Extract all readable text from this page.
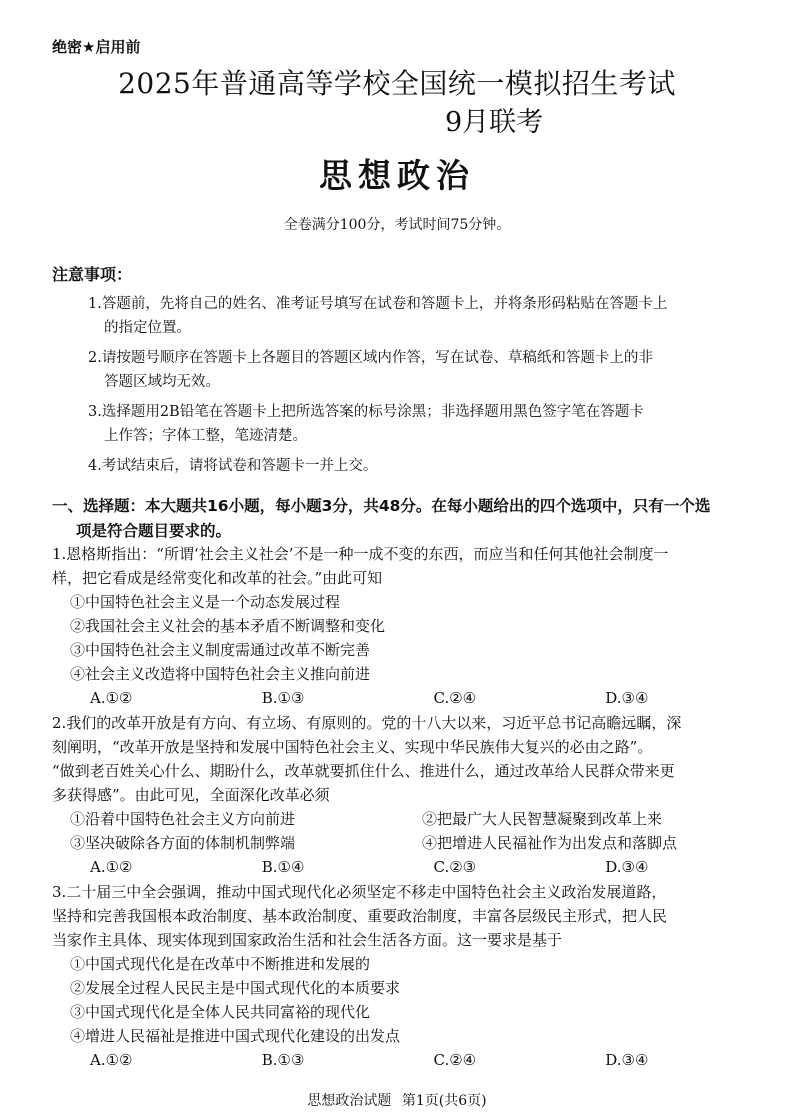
绝密★启用前
2025年普通高等学校全国统一模拟招生考试
9月联考
思想政治
全卷满分100分，考试时间75分钟。
注意事项：
1.答题前，先将自己的姓名、准考证号填写在试卷和答题卡上，并将条形码粘贴在答题卡上
的指定位置。
2.请按题号顺序在答题卡上各题目的答题区域内作答，写在试卷、草稿纸和答题卡上的非
答题区域均无效。
3.选择题用2B铅笔在答题卡上把所选答案的标号涂黑；非选择题用黑色签字笔在答题卡
上作答；字体工整，笔迹清楚。
4.考试结束后，请将试卷和答题卡一并上交。
一、选择题：本大题共16小题，每小题3分，共48分。在每小题给出的四个选项中，只有一个选
项是符合题目要求的。
1.恩格斯指出：“所谓‘社会主义社会’不是一种一成不变的东西，而应当和任何其他社会制度一
样，把它看成是经常变化和改革的社会。”由此可知
①中国特色社会主义是一个动态发展过程
②我国社会主义社会的基本矛盾不断调整和变化
③中国特色社会主义制度需通过改革不断完善
④社会主义改造将中国特色社会主义推向前进
A.①②	B.①③	C.②④	D.③④
2.我们的改革开放是有方向、有立场、有原则的。党的十八大以来，习近平总书记高瞻远瞩，深
刻阐明，“改革开放是坚持和发展中国特色社会主义、实现中华民族伟大复兴的必由之路”。
“做到老百姓关心什么、期盼什么，改革就要抓住什么、推进什么，通过改革给人民群众带来更
多获得感”。由此可见，全面深化改革必须
①沿着中国特色社会主义方向前进	②把最广大人民智慧凝聚到改革上来
③坚决破除各方面的体制机制弊端	④把增进人民福祉作为出发点和落脚点
A.①②	B.①④	C.②③	D.③④
3.二十届三中全会强调，推动中国式现代化必须坚定不移走中国特色社会主义政治发展道路，
坚持和完善我国根本政治制度、基本政治制度、重要政治制度，丰富各层级民主形式，把人民
当家作主具体、现实体现到国家政治生活和社会生活各方面。这一要求是基于
①中国式现代化是在改革中不断推进和发展的
②发展全过程人民民主是中国式现代化的本质要求
③中国式现代化是全体人民共同富裕的现代化
④增进人民福祉是推进中国式现代化建设的出发点
A.①②	B.①③	C.②④	D.③④
思想政治试题 第1页(共6页)
